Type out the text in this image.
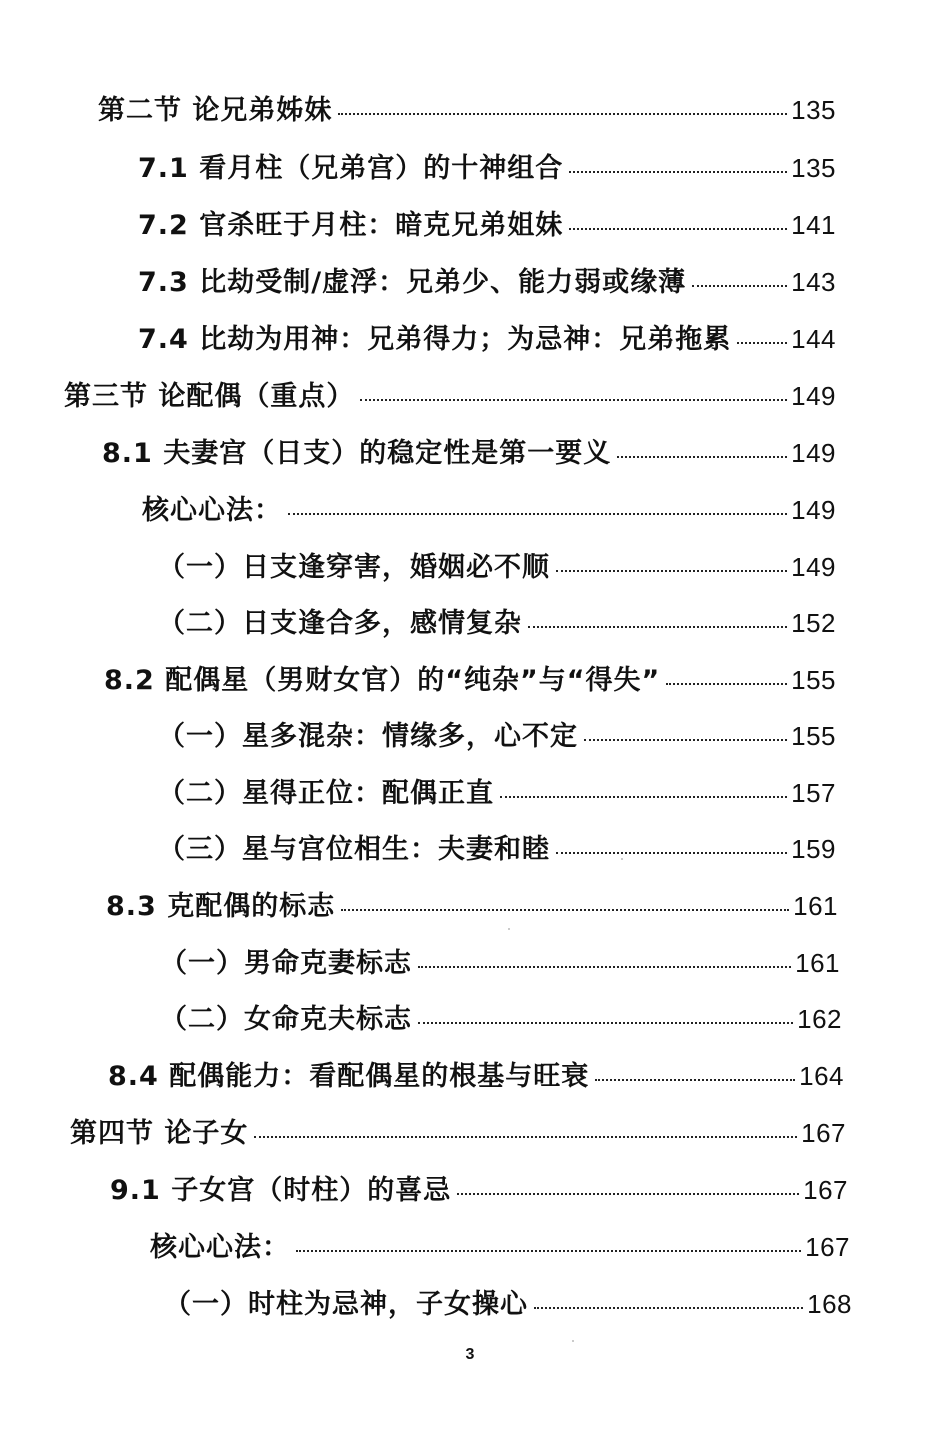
第二节 论兄弟姊妹	135
7.1 看月柱（兄弟宫）的十神组合	135
7.2 官杀旺于月柱：暗克兄弟姐妹	141
7.3 比劫受制/虚浮：兄弟少、能力弱或缘薄	143
7.4 比劫为用神：兄弟得力；为忌神：兄弟拖累 144
第三节 论配偶（重点）	149
8.1 夫妻宫（日支）的稳定性是第一要义	149
核心心法：	149
（一）日支逢穿害，婚姻必不顺	149
（二）日支逢合多，感情复杂	152
8.2 配偶星（男财女官）的“纯杂”与“得失”	155
（一）星多混杂：情缘多，心不定	155
（二）星得正位：配偶正直	157
（三）星与宫位相生：夫妻和睦	159
8.3 克配偶的标志	161
（一）男命克妻标志	161
（二）女命克夫标志	162
8.4 配偶能力：看配偶星的根基与旺衰	164
第四节 论子女	167
9.1 子女宫（时柱）的喜忌	167
核心心法：	167
（一）时柱为忌神，子女操心	168
3
